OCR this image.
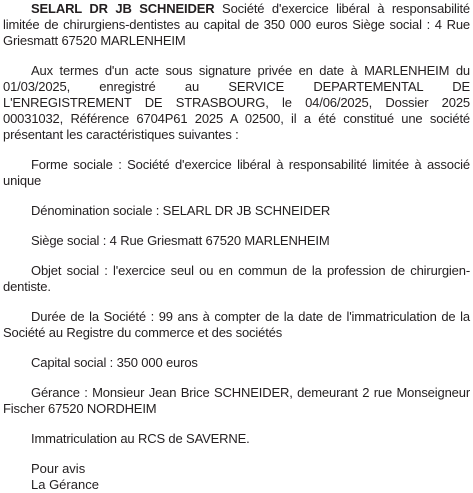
SELARL DR JB SCHNEIDER Société d'exercice libéral à responsabilité limitée de chirurgiens-dentistes au capital de 350 000 euros Siège social : 4 Rue Griesmatt 67520 MARLENHEIM

Aux termes d'un acte sous signature privée en date à MARLENHEIM du 01/03/2025, enregistré au SERVICE DEPARTEMENTAL DE L'ENREGISTREMENT DE STRASBOURG, le 04/06/2025, Dossier 2025 00031032, Référence 6704P61 2025 A 02500, il a été constitué une société présentant les caractéristiques suivantes :

Forme sociale : Société d'exercice libéral à responsabilité limitée à associé unique

Dénomination sociale : SELARL DR JB SCHNEIDER

Siège social : 4 Rue Griesmatt 67520 MARLENHEIM

Objet social : l'exercice seul ou en commun de la profession de chirurgien-dentiste.

Durée de la Société : 99 ans à compter de la date de l'immatriculation de la Société au Registre du commerce et des sociétés

Capital social : 350 000 euros

Gérance : Monsieur Jean Brice SCHNEIDER, demeurant 2 rue Monseigneur Fischer 67520 NORDHEIM

Immatriculation au RCS de SAVERNE.

Pour avis

La Gérance
